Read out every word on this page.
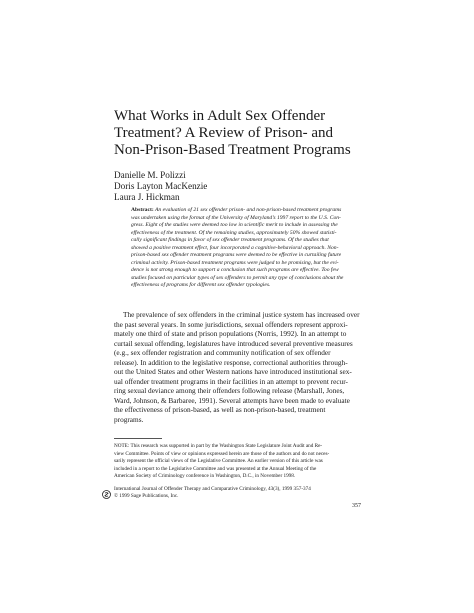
What Works in Adult Sex Offender
Treatment? A Review of Prison- and
Non-Prison-Based Treatment Programs
Danielle M. Polizzi
Doris Layton MacKenzie
Laura J. Hickman
Abstract: An evaluation of 21 sex offender prison- and non-prison-based treatment programs
was undertaken using the format of the University of Maryland’s 1997 report to the U.S. Con-
gress. Eight of the studies were deemed too low in scientific merit to include in assessing the
effectiveness of the treatment. Of the remaining studies, approximately 50% showed statisti-
cally significant findings in favor of sex offender treatment programs. Of the studies that
showed a positive treatment effect, four incorporated a cognitive-behavioral approach. Non-
prison-based sex offender treatment programs were deemed to be effective in curtailing future
criminal activity. Prison-based treatment programs were judged to be promising, but the evi-
dence is not strong enough to support a conclusion that such programs are effective. Too few
studies focused on particular types of sex offenders to permit any type of conclusions about the
effectiveness of programs for different sex offender typologies.
The prevalence of sex offenders in the criminal justice system has increased over
the past several years. In some jurisdictions, sexual offenders represent approxi-
mately one third of state and prison populations (Norris, 1992). In an attempt to
curtail sexual offending, legislatures have introduced several preventive measures
(e.g., sex offender registration and community notification of sex offender
release). In addition to the legislative response, correctional authorities through-
out the United States and other Western nations have introduced institutional sex-
ual offender treatment programs in their facilities in an attempt to prevent recur-
ring sexual deviance among their offenders following release (Marshall, Jones,
Ward, Johnson, & Barbaree, 1991). Several attempts have been made to evaluate
the effectiveness of prison-based, as well as non-prison-based, treatment
programs.
NOTE: This research was supported in part by the Washington State Legislature Joint Audit and Re-
view Committee. Points of view or opinions expressed herein are those of the authors and do not neces-
sarily represent the official views of the Legislative Committee. An earlier version of this article was
included in a report to the Legislative Committee and was presented at the Annual Meeting of the
American Society of Criminology conference in Washington, D.C., in November 1998.
International Journal of Offender Therapy and Comparative Criminology, 43(3), 1999 357-374
© 1999 Sage Publications, Inc.
357
